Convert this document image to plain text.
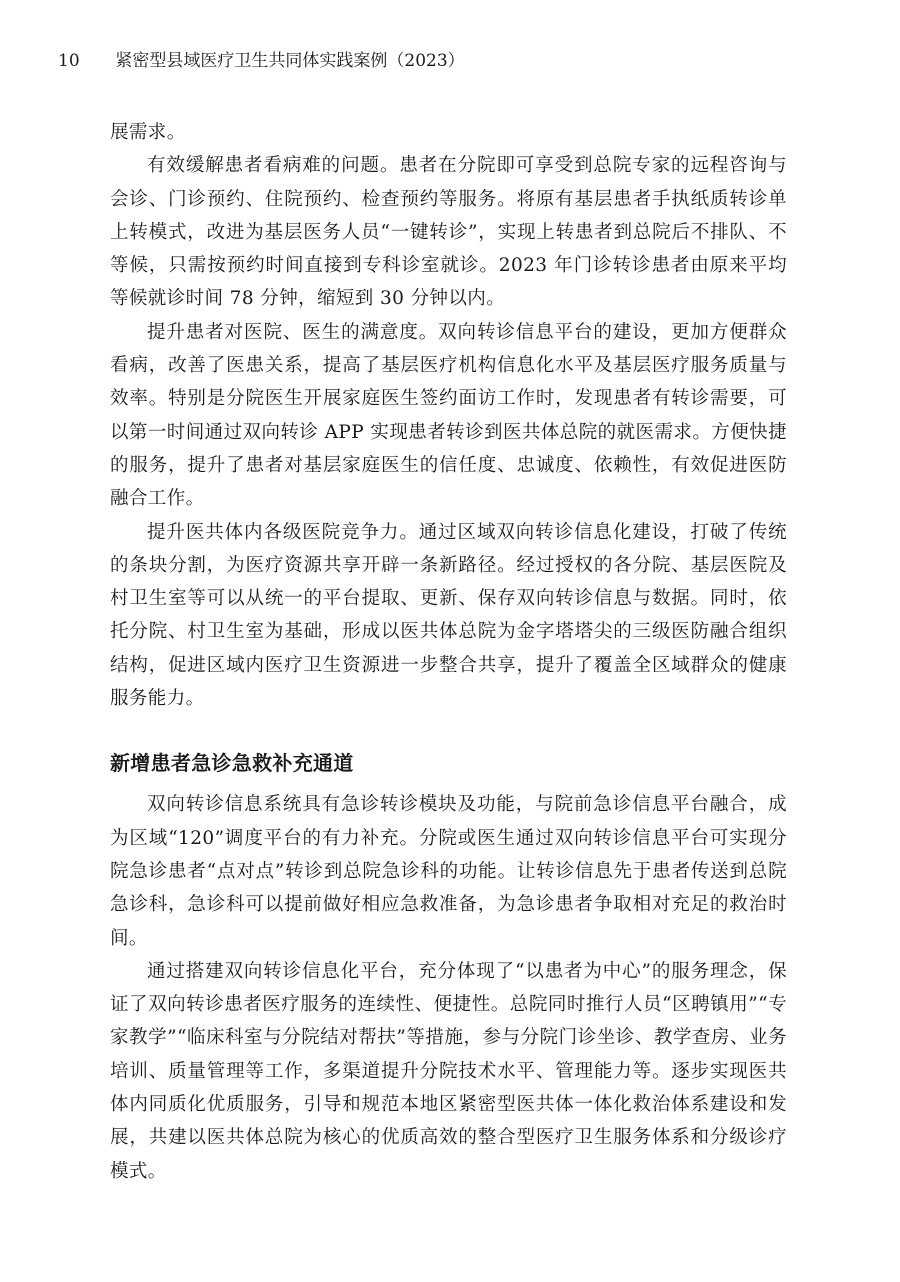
10 紧密型县域医疗卫生共同体实践案例（2023）

展需求。

有效缓解患者看病难的问题。患者在分院即可享受到总院专家的远程咨询与会诊、门诊预约、住院预约、检查预约等服务。将原有基层患者手执纸质转诊单上转模式，改进为基层医务人员“一键转诊”，实现上转患者到总院后不排队、不等候，只需按预约时间直接到专科诊室就诊。2023 年门诊转诊患者由原来平均等候就诊时间 78 分钟，缩短到 30 分钟以内。

提升患者对医院、医生的满意度。双向转诊信息平台的建设，更加方便群众看病，改善了医患关系，提高了基层医疗机构信息化水平及基层医疗服务质量与效率。特别是分院医生开展家庭医生签约面访工作时，发现患者有转诊需要，可以第一时间通过双向转诊 APP 实现患者转诊到医共体总院的就医需求。方便快捷的服务，提升了患者对基层家庭医生的信任度、忠诚度、依赖性，有效促进医防融合工作。

提升医共体内各级医院竞争力。通过区域双向转诊信息化建设，打破了传统的条块分割，为医疗资源共享开辟一条新路径。经过授权的各分院、基层医院及村卫生室等可以从统一的平台提取、更新、保存双向转诊信息与数据。同时，依托分院、村卫生室为基础，形成以医共体总院为金字塔塔尖的三级医防融合组织结构，促进区域内医疗卫生资源进一步整合共享，提升了覆盖全区域群众的健康服务能力。

新增患者急诊急救补充通道

双向转诊信息系统具有急诊转诊模块及功能，与院前急诊信息平台融合，成为区域“120”调度平台的有力补充。分院或医生通过双向转诊信息平台可实现分院急诊患者“点对点”转诊到总院急诊科的功能。让转诊信息先于患者传送到总院急诊科，急诊科可以提前做好相应急救准备，为急诊患者争取相对充足的救治时间。

通过搭建双向转诊信息化平台，充分体现了“以患者为中心”的服务理念，保证了双向转诊患者医疗服务的连续性、便捷性。总院同时推行人员“区聘镇用”“专家教学”“临床科室与分院结对帮扶”等措施，参与分院门诊坐诊、教学查房、业务培训、质量管理等工作，多渠道提升分院技术水平、管理能力等。逐步实现医共体内同质化优质服务，引导和规范本地区紧密型医共体一体化救治体系建设和发展，共建以医共体总院为核心的优质高效的整合型医疗卫生服务体系和分级诊疗模式。
